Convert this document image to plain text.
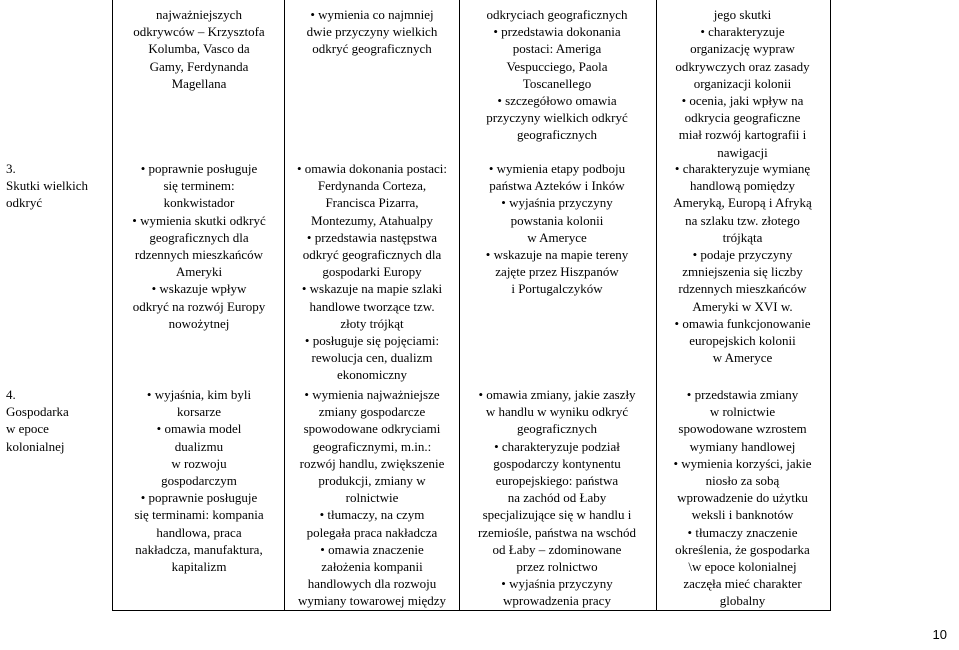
najważniejszych
odkrywców – Krzysztofa
Kolumba, Vasco da
Gamy, Ferdynanda
Magellana
• wymienia co najmniej
dwie przyczyny wielkich
odkryć geograficznych
odkryciach geograficznych
• przedstawia dokonania
postaci: Ameriga
Vespucciego, Paola
Toscanellego
• szczegółowo omawia
przyczyny wielkich odkryć
geograficznych
jego skutki
• charakteryzuje
organizację wypraw
odkrywczych oraz zasady
organizacji kolonii
• ocenia, jaki wpływ na
odkrycia geograficzne
miał rozwój kartografii i
nawigacji
3.
Skutki wielkich
odkryć
• poprawnie posługuje
się terminem:
konkwistador
• wymienia skutki odkryć
geograficznych dla
rdzennych mieszkańców
Ameryki
• wskazuje wpływ
odkryć na rozwój Europy
nowożytnej
• omawia dokonania postaci:
Ferdynanda Corteza,
Francisca Pizarra,
Montezumy, Atahualpy
• przedstawia następstwa
odkryć geograficznych dla
gospodarki Europy
• wskazuje na mapie szlaki
handlowe tworzące tzw.
złoty trójkąt
• posługuje się pojęciami:
rewolucja cen, dualizm
ekonomiczny
• wymienia etapy podboju
państwa Azteków i Inków
• wyjaśnia przyczyny
powstania kolonii
w Ameryce
• wskazuje na mapie tereny
zajęte przez Hiszpanów
i Portugalczyków
• charakteryzuje wymianę
handlową pomiędzy
Ameryką, Europą i Afryką
na szlaku tzw. złotego
trójkąta
• podaje przyczyny
zmniejszenia się liczby
rdzennych mieszkańców
Ameryki w XVI w.
• omawia funkcjonowanie
europejskich kolonii
w Ameryce
4.
Gospodarka
w epoce
kolonialnej
• wyjaśnia, kim byli
korsarze
• omawia model
dualizmu
w rozwoju
gospodarczym
• poprawnie posługuje
się terminami: kompania
handlowa, praca
nakładcza, manufaktura,
kapitalizm
• wymienia najważniejsze
zmiany gospodarcze
spowodowane odkryciami
geograficznymi, m.in.:
rozwój handlu, zwiększenie
produkcji, zmiany w
rolnictwie
• tłumaczy, na czym
polegała praca nakładcza
• omawia znaczenie
założenia kompanii
handlowych dla rozwoju
wymiany towarowej między
• omawia zmiany, jakie zaszły
w handlu w wyniku odkryć
geograficznych
• charakteryzuje podział
gospodarczy kontynentu
europejskiego: państwa
na zachód od Łaby
specjalizujące się w handlu i
rzemiośle, państwa na wschód
od Łaby – zdominowane
przez rolnictwo
• wyjaśnia przyczyny
wprowadzenia pracy
• przedstawia zmiany
w rolnictwie
spowodowane wzrostem
wymiany handlowej
• wymienia korzyści, jakie
niosło za sobą
wprowadzenie do użytku
weksli i banknotów
• tłumaczy znaczenie
określenia, że gospodarka
\w epoce kolonialnej
zaczęła mieć charakter
globalny
10
